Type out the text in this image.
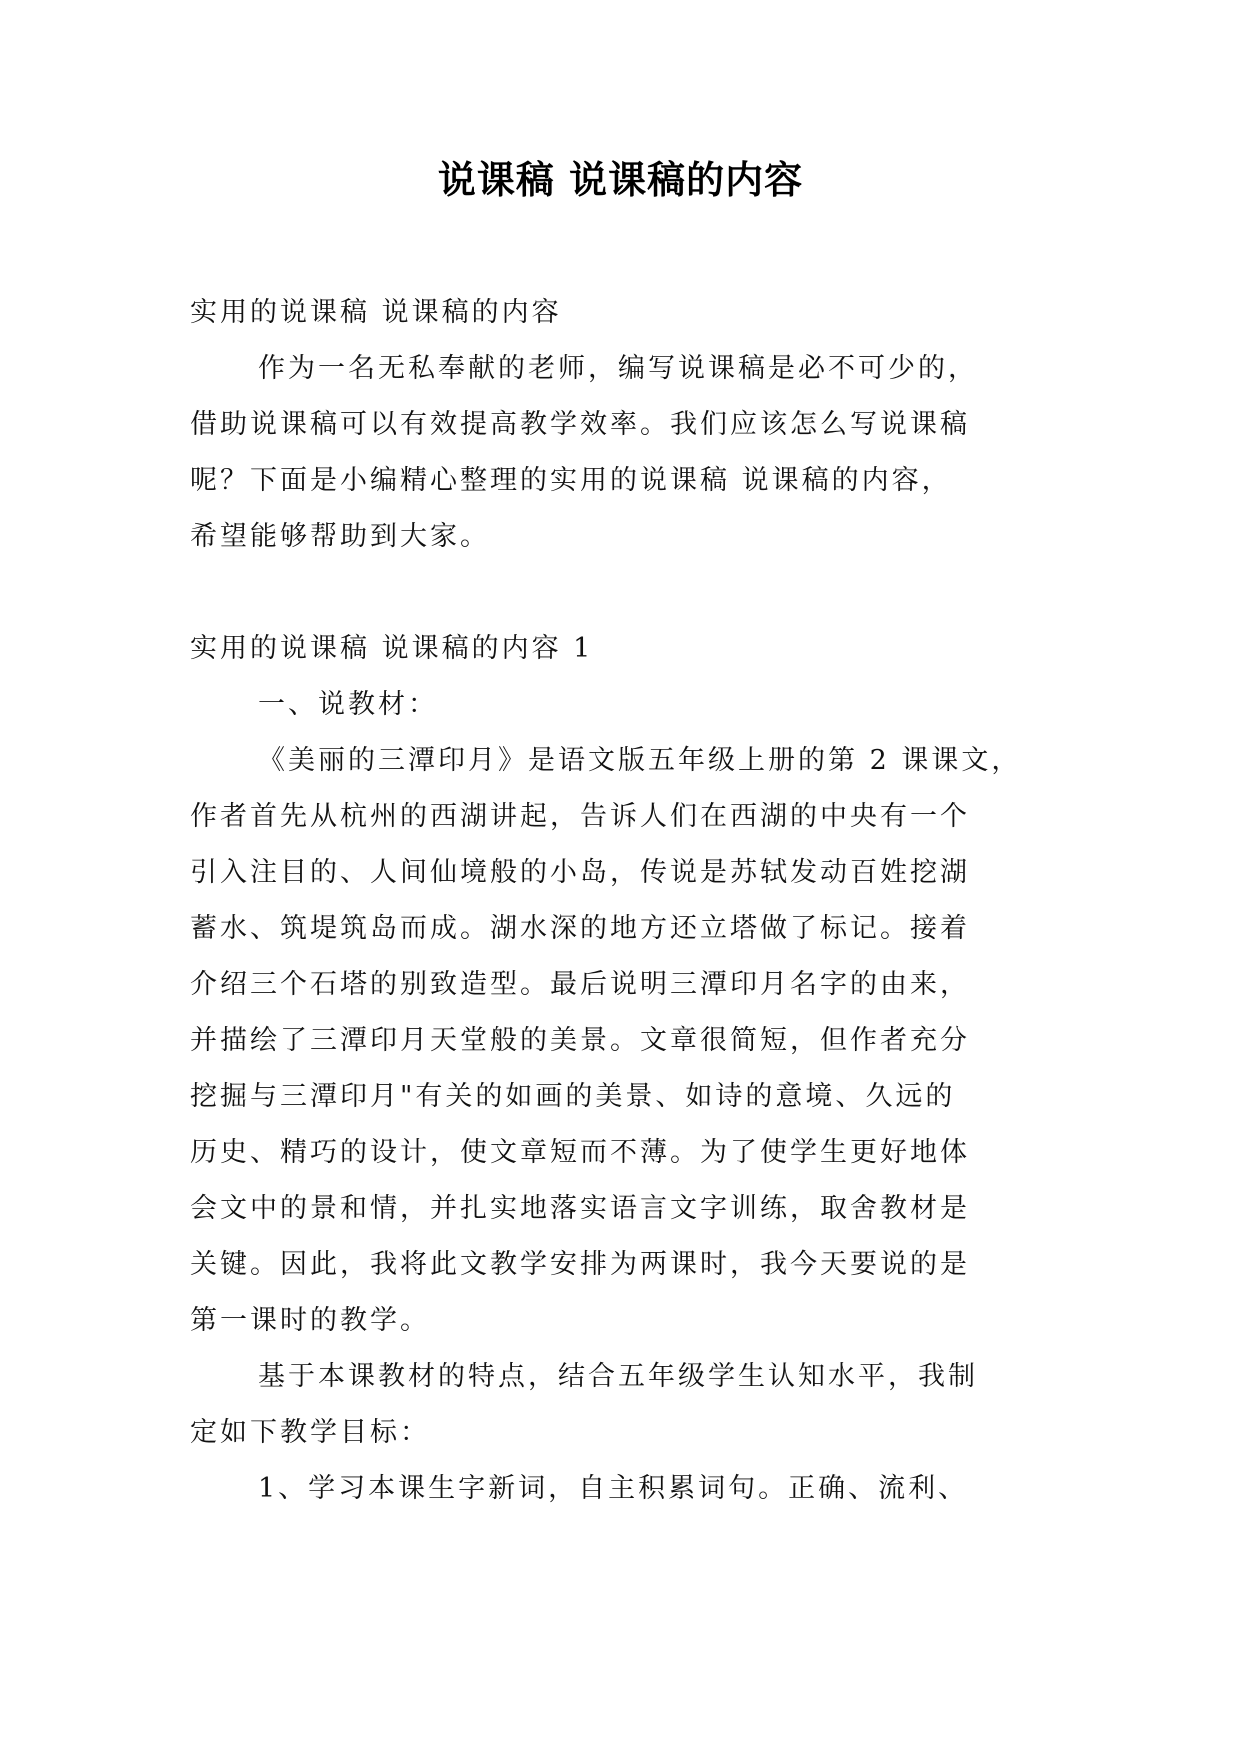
说课稿 说课稿的内容

实用的说课稿 说课稿的内容

作为一名无私奉献的老师，编写说课稿是必不可少的，

借助说课稿可以有效提高教学效率。我们应该怎么写说课稿

呢？下面是小编精心整理的实用的说课稿 说课稿的内容，

希望能够帮助到大家。

实用的说课稿 说课稿的内容 1

一、说教材：

《美丽的三潭印月》是语文版五年级上册的第 2 课课文，

作者首先从杭州的西湖讲起，告诉人们在西湖的中央有一个

引入注目的、人间仙境般的小岛，传说是苏轼发动百姓挖湖

蓄水、筑堤筑岛而成。湖水深的地方还立塔做了标记。接着

介绍三个石塔的别致造型。最后说明三潭印月名字的由来，

并描绘了三潭印月天堂般的美景。文章很简短，但作者充分

挖掘与三潭印月"有关的如画的美景、如诗的意境、久远的

历史、精巧的设计，使文章短而不薄。为了使学生更好地体

会文中的景和情，并扎实地落实语言文字训练，取舍教材是

关键。因此，我将此文教学安排为两课时，我今天要说的是

第一课时的教学。

基于本课教材的特点，结合五年级学生认知水平，我制

定如下教学目标：

1、学习本课生字新词，自主积累词句。正确、流利、
